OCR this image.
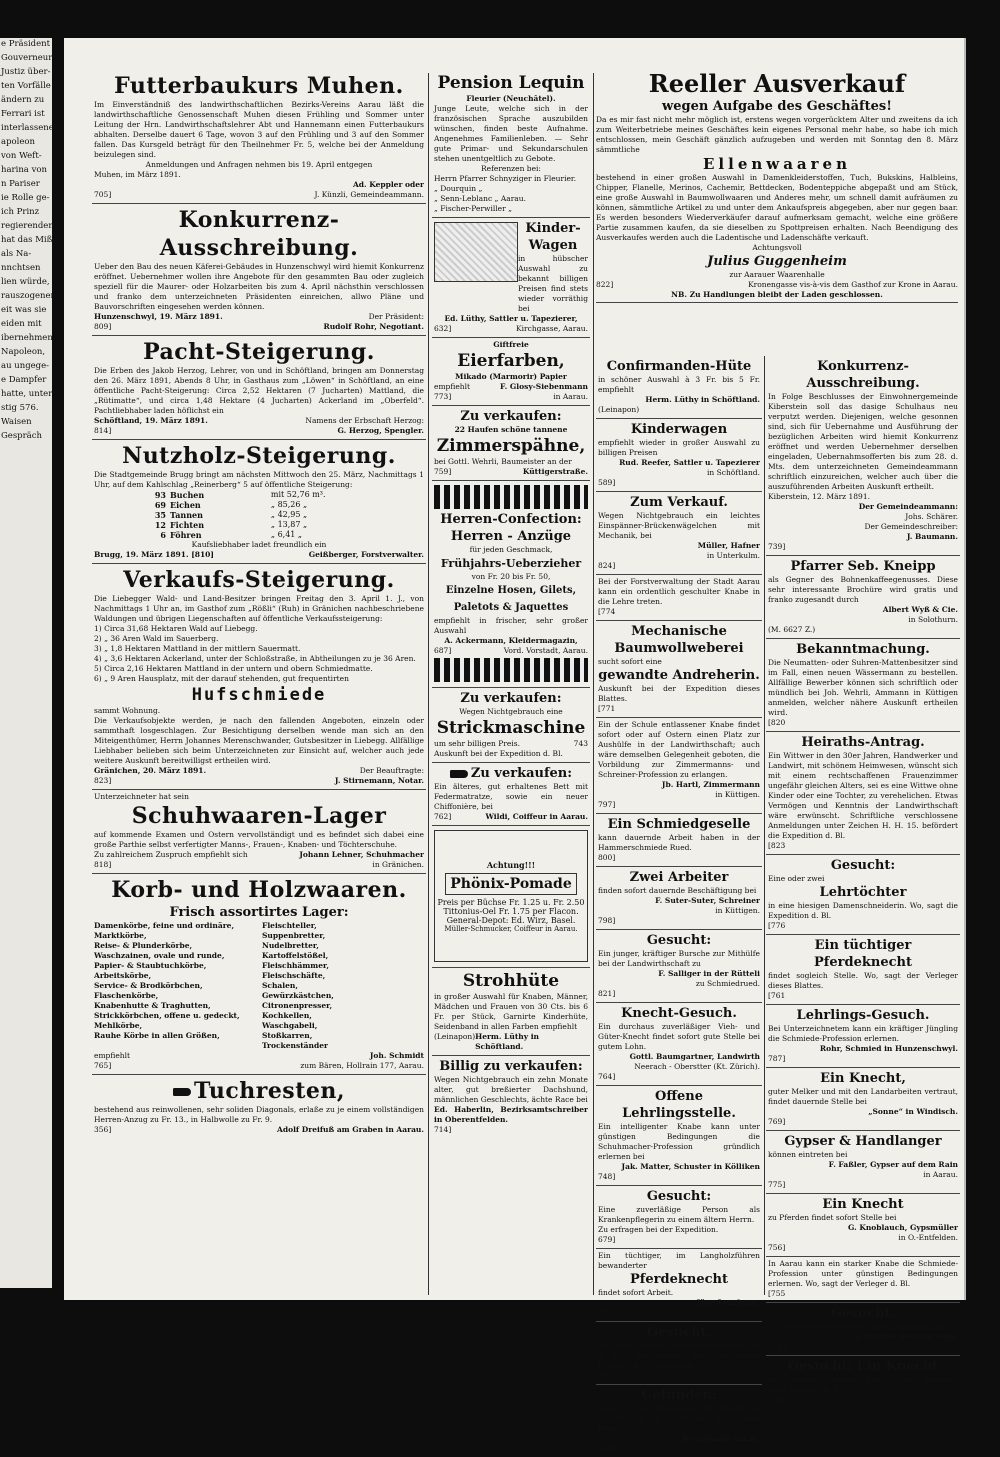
e Präsident
Gouverneur
Justiz über-
ten Vorfälle
ändern zu
Ferrari ist
interlassenen
apoleon
von Weft-
harina von
n Pariser
ie Rolle ge-
ich Prinz
regierenden
hat das Miß-
als Na-
nnchtsen
lien würde,
rauszogenen
eit was sie
eiden mit
ibernehmen,
Napoleon,
au ungege-
e Dampfer
hatte, unter-
stig 576.
Waisen
Gespräch
Futterbaukurs Muhen.

Im Einverständniß des landwirthschaftlichen Bezirks-Vereins Aarau läßt die landwirthschaftliche Genossenschaft Muhen diesen Frühling und Sommer unter Leitung der Hrn. Landwirthschaftslehrer Abt und Hannemann einen Futterbaukurs abhalten. Derselbe dauert 6 Tage, wovon 3 auf den Frühling und 3 auf den Sommer fallen. Das Kursgeld beträgt für den Theilnehmer Fr. 5, welche bei der Anmeldung beizulegen sind.

Anmeldungen und Anfragen nehmen bis 19. April entgegen

Muhen, im März 1891.

Ad. Keppler oder

705]	J. Künzli, Gemeindeammann.
Konkurrenz-Ausschreibung.

Ueber den Bau des neuen Käferei-Gebäudes in Hunzenschwyl wird hiemit Konkurrenz eröffnet. Uebernehmer wollen ihre Angebote für den gesammten Bau oder zugleich speziell für die Maurer- oder Holzarbeiten bis zum 4. April nächsthin verschlossen und franko dem unterzeichneten Präsidenten einreichen, allwo Pläne und Bauvorschriften eingesehen werden können.

Hunzenschwyl, 19. März 1891.	Der Präsident:
809]	Rudolf Rohr, Negotiant.
Pacht-Steigerung.

Die Erben des Jakob Herzog, Lehrer, von und in Schöftland, bringen am Donnerstag den 26. März 1891, Abends 8 Uhr, in Gasthaus zum „Löwen“ in Schöftland, an eine öffentliche Pacht-Steigerung: Circa 2,52 Hektaren (7 Jucharten) Mattland, die „Rütimatte“, und circa 1,48 Hektare (4 Jucharten) Ackerland im „Oberfeld“. Pachtliebhaber laden höflichst ein

Schöftland, 19. März 1891.	Namens der Erbschaft Herzog:
814]	G. Herzog, Spengler.
Nutzholz-Steigerung.

Die Stadtgemeinde Brugg bringt am nächsten Mittwoch den 25. März, Nachmittags 1 Uhr, auf dem Kahlschlag „Reinerberg“ 5 auf öffentliche Steigerung:

93	Buchen	mit 52,76 m³.
69	Eichen	„ 85,26 „
35	Tannen	„ 42,95 „
12	Fichten	„ 13,87 „
6	Föhren	„ 6,41 „

Kaufsliebhaber ladet freundlich ein

Brugg, 19. März 1891. [810]	Geißberger, Forstverwalter.
Verkaufs-Steigerung.

Die Liebegger Wald- und Land-Besitzer bringen Freitag den 3. April 1. J., von Nachmittags 1 Uhr an, im Gasthof zum „Rößli“ (Ruh) in Gränichen nachbeschriebene Waldungen und übrigen Liegenschaften auf öffentliche Verkaufssteigerung:

1) Circa 31,68 Hektaren Wald auf Liebegg.

2) „ 36 Aren Wald im Sauerberg.

3) „ 1,8 Hektaren Mattland in der mittlern Sauermatt.

4) „ 3,6 Hektaren Ackerland, unter der Schloßstraße, in Abtheilungen zu je 36 Aren.

5) Circa 2,16 Hektaren Mattland in der untern und obern Schmiedmatte.

6) „ 9 Aren Hausplatz, mit der darauf stehenden, gut frequentirten

Hufschmiede

sammt Wohnung.

Die Verkaufsobjekte werden, je nach den fallenden Angeboten, einzeln oder sammthaft losgeschlagen. Zur Besichtigung derselben wende man sich an den Miteigenthümer, Herrn Johannes Merenschwander, Gutsbesitzer in Liebegg. Allfällige Liebhaber belieben sich beim Unterzeichneten zur Einsicht auf, welcher auch jede weitere Auskunft bereitwilligst ertheilen wird.

Gränichen, 20. März 1891.	Der Beauftragte:
823]	J. Stirnemann, Notar.

Unterzeichneter hat sein

Schuhwaaren-Lager

auf kommende Examen und Ostern vervollständigt und es befindet sich dabei eine große Parthie selbst verfertigter Manns-, Frauen-, Knaben- und Töchterschuhe.

Zu zahlreichem Zuspruch empfiehlt sich	Johann Lehner, Schuhmacher
818]	in Gränichen.
Korb- und Holzwaaren.
Frisch assortirtes Lager:

Damenkörbe, feine und ordinäre,

Marktkörbe,

Reise- & Plunderkörbe,

Waschzainen, ovale und runde,

Papier- & Staubtuchkörbe,

Arbeitskörbe,

Service- & Brodkörbchen,

Flaschenkörbe,

Knabenhutte & Traghutten,

Strickkörbchen, offene u. gedeckt,

Mehlkörbe,

Rauhe Körbe in allen Größen,

Fleischteller,

Suppenbretter,

Nudelbretter,

Kartoffelstößel,

Fleischhämmer,

Fleischschäfte,

Schalen,

Gewürzkästchen,

Citronenpresser,

Kochkellen,

Waschgabeli,

Stoßkarren,

Trockenständer

empfiehlt	Joh. Schmidt
765]	zum Bären, Hollrain 177, Aarau.
Tuchresten,

bestehend aus reinwollenen, sehr soliden Diagonals, erlaße zu je einem vollständigen Herren-Anzug zu Fr. 13., in Halbwolle zu Fr. 9.

356]	Adolf Dreifuß am Graben in Aarau.
Pension Lequin

Fleurier (Neuchâtel).

Junge Leute, welche sich in der französischen Sprache auszubilden wünschen, finden beste Aufnahme. Angenehmes Familienleben. — Sehr gute Primar- und Sekundarschulen stehen unentgeltlich zu Gebote.

Referenzen bei:

Herrn Pfarrer Schnyziger in Fleurier.

„ Dourquin „

„ Senn-Leblanc „ Aarau.

„ Fischer-Perwiller „

Kinder-Wagen

in hübscher Auswahl zu bekannt billigen Preisen find stets wieder vorräthig bei

Ed. Lüthy, Sattler u. Tapezierer,

632]	Kirchgasse, Aarau.

Giftfreie

Eierfarben,

Mikado (Marmorir) Papier

empfiehlt	F. Glosy-Siebenmann
773]	in Aarau.
Zu verkaufen:

22 Haufen schöne tannene

Zimmerspähne,

bei Gottl. Wehrli, Baumeister an der

759]	Küttigerstraße.
Herren-Confection:
Herren - Anzüge

für jeden Geschmack,

Frühjahrs-Ueberzieher

von Fr. 20 bis Fr. 50,

Einzelne Hosen, Gilets, Paletots & Jaquettes

empfiehlt in frischer, sehr großer Auswahl

A. Ackermann, Kleidermagazin,

687]	Vord. Vorstadt, Aarau.
Zu verkaufen:

Wegen Nichtgebrauch eine

Strickmaschine
um sehr billigen Preis.	743

Auskunft bei der Expedition d. Bl.

Zu verkaufen:

Ein älteres, gut erhaltenes Bett mit Federmatratze, sowie ein neuer Chiffonière, bei

762]	Wildi, Coiffeur in Aarau.
Achtung!!!
Phönix-Pomade
Preis per Büchse Fr. 1.25 u. Fr. 2.50
Tittonius-Oel Fr. 1.75 per Flacon.
General-Depot: Ed. Wirz, Basel.
Müller-Schmucker, Coiffeur in Aarau.
Strohhüte

in großer Auswahl für Knaben, Männer, Mädchen und Frauen von 30 Cts. bis 6 Fr. per Stück, Garnirte Kinderhüte, Seidenband in allen Farben empfiehlt

(Leinapon) Herm. Lüthy in Schöftland.
Billig zu verkaufen:

Wegen Nichtgebrauch ein zehn Monate alter, gut breßierter Dachshund, männlichen Geschlechts, ächte Race bei

Ed. Haberlin, Bezirksamtschreiber in Oberentfelden.

714]

Reeller Ausverkauf
wegen Aufgabe des Geschäftes!

Da es mir fast nicht mehr möglich ist, erstens wegen vorgerücktem Alter und zweitens da ich zum Weiterbetriebe meines Geschäftes kein eigenes Personal mehr habe, so habe ich mich entschlossen, mein Geschäft gänzlich aufzugeben und werden mit Sonntag den 8. März sämmtliche

Ellenwaaren

bestehend in einer großen Auswahl in Damenkleiderstoffen, Tuch, Bukskins, Halbleins, Chipper, Flanelle, Merinos, Cachemir, Bettdecken, Bodenteppiche abgepaßt und am Stück, eine große Auswahl in Baumwollwaaren und Anderes mehr, um schnell damit aufräumen zu können, sämmtliche Artikel zu und unter dem Ankaufspreis abgegeben, aber nur gegen baar. Es werden besonders Wiederverkäufer darauf aufmerksam gemacht, welche eine größere Partie zusammen kaufen, da sie dieselben zu Spottpreisen erhalten. Nach Beendigung des Ausverkaufes werden auch die Ladentische und Ladenschäfte verkauft.

Achtungsvoll

Julius Guggenheim

zur Aarauer Waarenhalle

822]	Kronengasse vis-à-vis dem Gasthof zur Krone in Aarau.

NB. Zu Handlungen bleibt der Laden geschlossen.

Confirmanden-Hüte

in schöner Auswahl à 3 Fr. bis 5 Fr. empfiehlt

Herm. Lüthy in Schöftland.

(Leinapon)

Kinderwagen

empfiehlt wieder in großer Auswahl zu billigen Preisen

Rud. Reefer, Sattler u. Tapezierer

in Schöftland.

589]

Zum Verkauf.

Wegen Nichtgebrauch ein leichtes Einspänner-Brückenwägelchen mit Mechanik, bei

Müller, Hafner

in Unterkulm.

824]

Bei der Forstverwaltung der Stadt Aarau kann ein ordentlich geschulter Knabe in die Lehre treten.

[774

Mechanische Baumwollweberei

sucht sofort eine

gewandte Andreherin.

Auskunft bei der Expedition dieses Blattes.

[771

Ein der Schule entlassener Knabe findet sofort oder auf Ostern einen Platz zur Aushülfe in der Landwirthschaft; auch wäre demselben Gelegenheit geboten, die Vorbildung zur Zimmermanns- und Schreiner-Profession zu erlangen.

Jb. Hartl, Zimmermann

in Küttigen.

797]

Ein Schmiedgeselle

kann dauernde Arbeit haben in der Hammerschmiede Rued.

800]

Zwei Arbeiter

finden sofort dauernde Beschäftigung bei

F. Suter-Suter, Schreiner

in Küttigen.

798]

Gesucht:

Ein junger, kräftiger Bursche zur Mithülfe bei der Landwirthschaft zu

F. Salliger in der Rütteli

zu Schmiedrued.

821]

Knecht-Gesuch.

Ein durchaus zuverläßiger Vieh- und Güter-Knecht findet sofort gute Stelle bei gutem Lohn.

Gottl. Baumgartner, Landwirth

Neerach - Oberstter (Kt. Zürich).

764]

Offene Lehrlingsstelle.

Ein intelligenter Knabe kann unter günstigen Bedingungen die Schuhmacher-Profession gründlich erlernen bei

Jak. Matter, Schuster in Kölliken

748]

Gesucht:

Eine zuverläßige Person als Krankenpflegerin zu einem ältern Herrn.

Zu erfragen bei der Expedition.

679]

Ein tüchtiger, im Langholzführen bewanderter

Pferdeknecht

findet sofort Arbeit.

Jäge Lenzburg.

772]

Gesucht.

Ein guter, solider Kundenmüller findet auf 1. April gut bezahlte Stelle bei Albert Brunner in Schmiedrued.

[685

Gefunden:

Eine Cylinder-Remontoir-Uhr. Ansprüche darauf sind bis Ende dies anzumelden beim

Bezirksamt Aarau.

740]

Konkurrenz-Ausschreibung.

In Folge Beschlusses der Einwohnergemeinde Kiberstein soll das dasige Schulhaus neu verputzt werden. Diejenigen, welche gesonnen sind, sich für Uebernahme und Ausführung der bezüglichen Arbeiten wird hiemit Konkurrenz eröffnet und werden Uebernehmer derselben eingeladen, Uebernahmsofferten bis zum 28. d. Mts. dem unterzeichneten Gemeindeammann schriftlich einzureichen, welcher auch über die auszuführenden Arbeiten Auskunft ertheilt.

Kiberstein, 12. März 1891.

Der Gemeindeammann:

Johs. Schärer.

Der Gemeindeschreiber:

J. Baumann.

739]

Pfarrer Seb. Kneipp

als Gegner des Bohnenkaffeegenusses. Diese sehr interessante Brochüre wird gratis und franko zugesandt durch

Albert Wyß & Cie.

in Solothurn.

(M. 6627 Z.)

Bekanntmachung.

Die Neumatten- oder Suhren-Mattenbesitzer sind im Fall, einen neuen Wässermann zu bestellen. Allfällige Bewerber können sich schriftlich oder mündlich bei Joh. Wehrli, Ammann in Küttigen anmelden, welcher nähere Auskunft ertheilen wird.

[820

Heiraths-Antrag.

Ein Wittwer in den 30er Jahren, Handwerker und Landwirt, mit schönem Heimwesen, wünscht sich mit einem rechtschaffenen Frauenzimmer ungefähr gleichen Alters, sei es eine Wittwe ohne Kinder oder eine Tochter, zu verehelichen. Etwas Vermögen und Kenntnis der Landwirthschaft wäre erwünscht. Schriftliche verschlossene Anmeldungen unter Zeichen H. H. 15. befördert die Expedition d. Bl.

[823

Gesucht:

Eine oder zwei

Lehrtöchter

in eine hiesigen Damenschneiderin. Wo, sagt die Expedition d. Bl.

[776

Ein tüchtiger Pferdeknecht

findet sogleich Stelle. Wo, sagt der Verleger dieses Blattes.

[761

Lehrlings-Gesuch.

Bei Unterzeichnetem kann ein kräftiger Jüngling die Schmiede-Profession erlernen.

Rohr, Schmied in Hunzenschwyl.

787]

Ein Knecht,

guter Melker und mit den Landarbeiten vertraut, findet dauernde Stelle bei

„Sonne“ in Windisch.

769]

Gypser & Handlanger

können eintreten bei

F. Faßler, Gypser auf dem Rain

in Aarau.

775]

Ein Knecht

zu Pferden findet sofort Stelle bei

G. Knoblauch, Gypsmüller

in O.-Entfelden.

756]

In Aarau kann ein starker Knabe die Schmiede-Profession unter günstigen Bedingungen erlernen. Wo, sagt der Verleger d. Bl.

[755

Gesucht.

Ein tüchtiger Melker kann sofort eintreten bei

J. Walther-Dubs in Suhr.

704]

Gesucht: Ein Knecht

zu 2 Pferden u. Rindvieh. Eintritt sofort. Auskunft beim Verleger d. Bl.

[745
